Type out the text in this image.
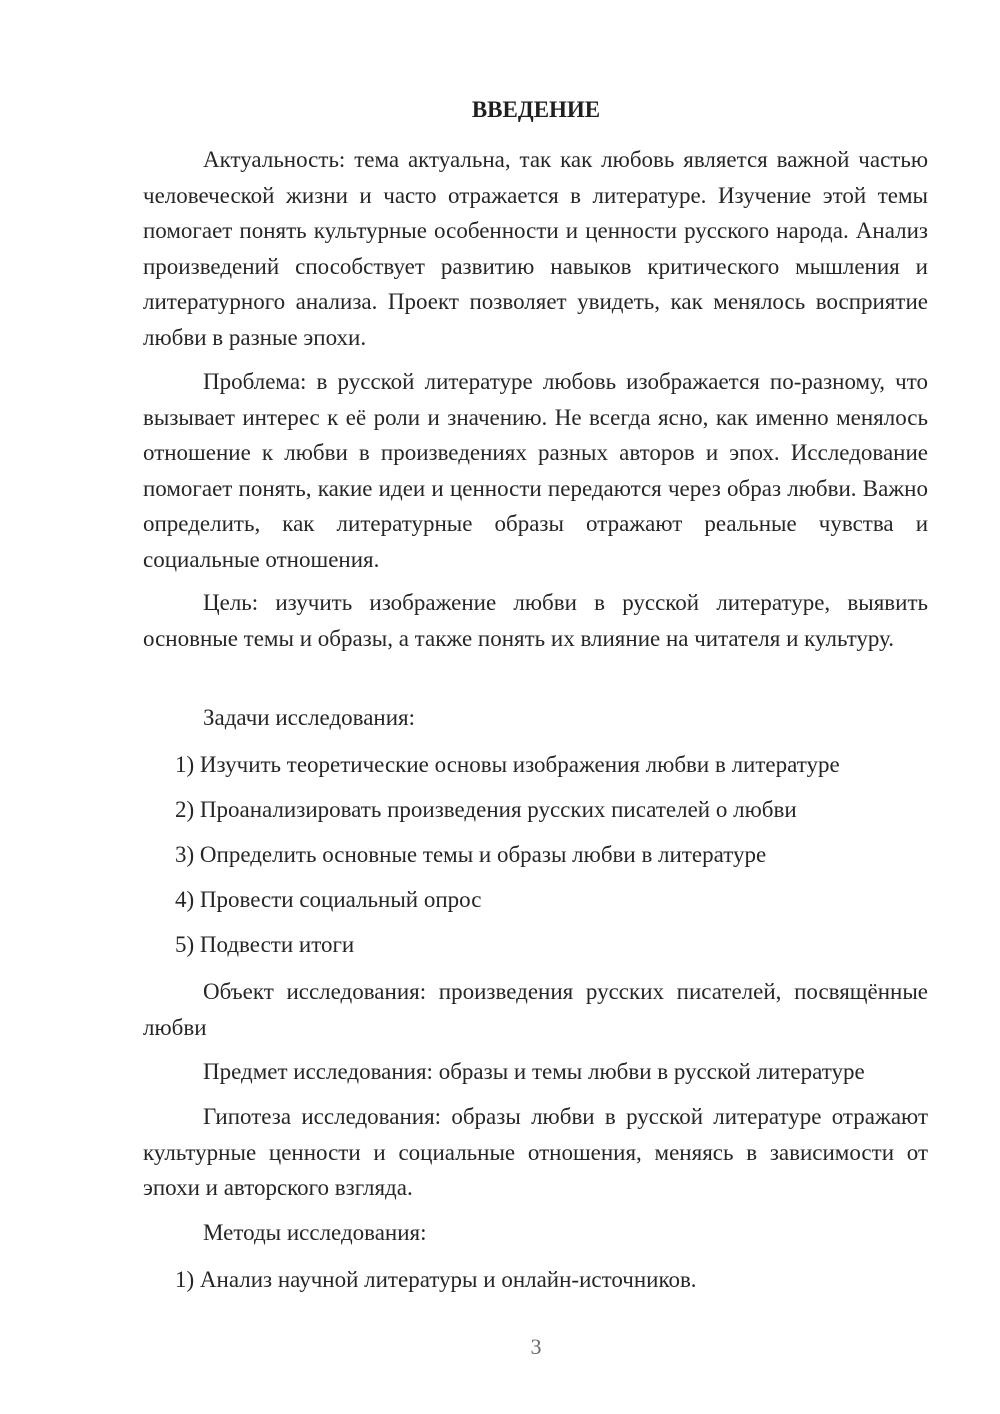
ВВЕДЕНИЕ

Актуальность: тема актуальна, так как любовь является важной частью человеческой жизни и часто отражается в литературе. Изучение этой темы помогает понять культурные особенности и ценности русского народа. Анализ произведений способствует развитию навыков критического мышления и литературного анализа. Проект позволяет увидеть, как менялось восприятие любви в разные эпохи.

Проблема: в русской литературе любовь изображается по-разному, что вызывает интерес к её роли и значению. Не всегда ясно, как именно менялось отношение к любви в произведениях разных авторов и эпох. Исследование помогает понять, какие идеи и ценности передаются через образ любви. Важно определить, как литературные образы отражают реальные чувства и социальные отношения.

Цель: изучить изображение любви в русской литературе, выявить основные темы и образы, а также понять их влияние на читателя и культуру.

Задачи исследования:

1) Изучить теоретические основы изображения любви в литературе

2) Проанализировать произведения русских писателей о любви

3) Определить основные темы и образы любви в литературе

4) Провести социальный опрос

5) Подвести итоги

Объект исследования: произведения русских писателей, посвящённые любви

Предмет исследования: образы и темы любви в русской литературе

Гипотеза исследования: образы любви в русской литературе отражают культурные ценности и социальные отношения, меняясь в зависимости от эпохи и авторского взгляда.

Методы исследования:

1) Анализ научной литературы и онлайн-источников.

3
